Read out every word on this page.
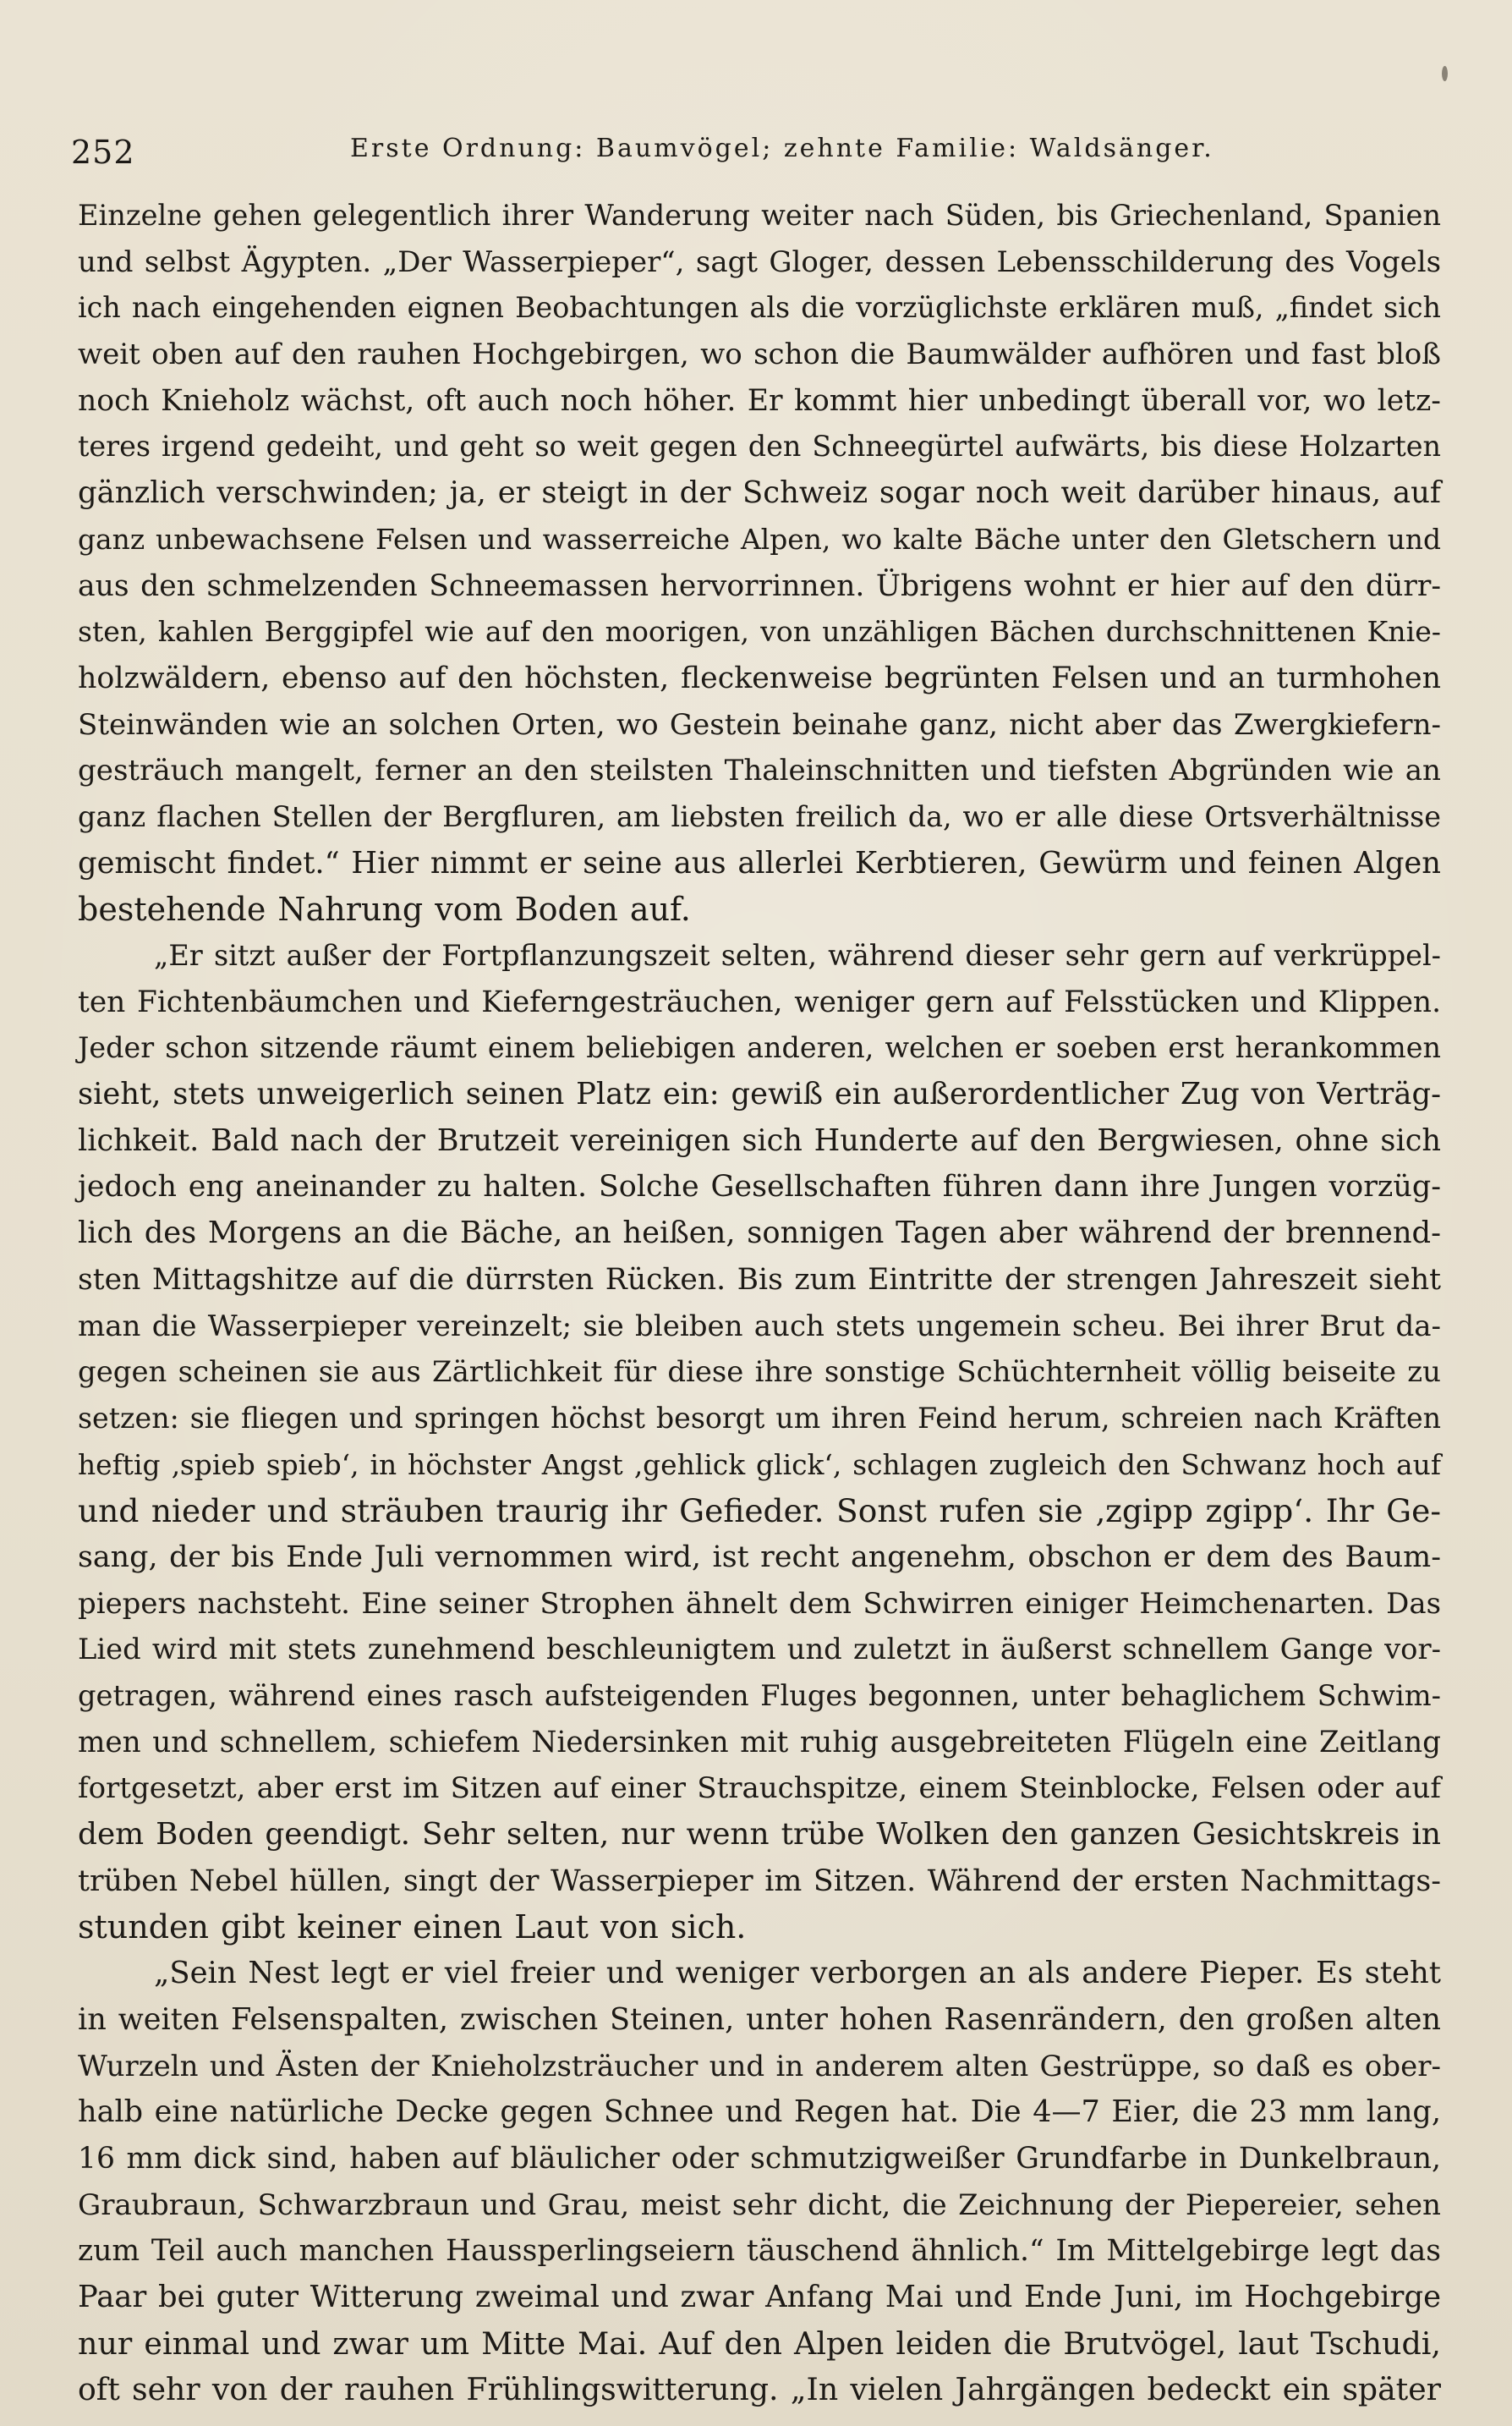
252	Erste Ordnung: Baumvögel; zehnte Familie: Waldsänger.
Einzelne gehen gelegentlich ihrer Wanderung weiter nach Süden, bis Griechenland, Spanien
und selbst Ägypten. „Der Wasserpieper“, sagt Gloger, dessen Lebensschilderung des Vogels
ich nach eingehenden eignen Beobachtungen als die vorzüglichste erklären muß, „findet sich
weit oben auf den rauhen Hochgebirgen, wo schon die Baumwälder aufhören und fast bloß
noch Knieholz wächst, oft auch noch höher. Er kommt hier unbedingt überall vor, wo letz-
teres irgend gedeiht, und geht so weit gegen den Schneegürtel aufwärts, bis diese Holzarten
gänzlich verschwinden; ja, er steigt in der Schweiz sogar noch weit darüber hinaus, auf
ganz unbewachsene Felsen und wasserreiche Alpen, wo kalte Bäche unter den Gletschern und
aus den schmelzenden Schneemassen hervorrinnen. Übrigens wohnt er hier auf den dürr-
sten, kahlen Berggipfel wie auf den moorigen, von unzähligen Bächen durchschnittenen Knie-
holzwäldern, ebenso auf den höchsten, fleckenweise begrünten Felsen und an turmhohen
Steinwänden wie an solchen Orten, wo Gestein beinahe ganz, nicht aber das Zwergkiefern-
gesträuch mangelt, ferner an den steilsten Thaleinschnitten und tiefsten Abgründen wie an
ganz flachen Stellen der Bergfluren, am liebsten freilich da, wo er alle diese Ortsverhältnisse
gemischt findet.“ Hier nimmt er seine aus allerlei Kerbtieren, Gewürm und feinen Algen
bestehende Nahrung vom Boden auf.
„Er sitzt außer der Fortpflanzungszeit selten, während dieser sehr gern auf verkrüppel-
ten Fichtenbäumchen und Kieferngesträuchen, weniger gern auf Felsstücken und Klippen.
Jeder schon sitzende räumt einem beliebigen anderen, welchen er soeben erst herankommen
sieht, stets unweigerlich seinen Platz ein: gewiß ein außerordentlicher Zug von Verträg-
lichkeit. Bald nach der Brutzeit vereinigen sich Hunderte auf den Bergwiesen, ohne sich
jedoch eng aneinander zu halten. Solche Gesellschaften führen dann ihre Jungen vorzüg-
lich des Morgens an die Bäche, an heißen, sonnigen Tagen aber während der brennend-
sten Mittagshitze auf die dürrsten Rücken. Bis zum Eintritte der strengen Jahreszeit sieht
man die Wasserpieper vereinzelt; sie bleiben auch stets ungemein scheu. Bei ihrer Brut da-
gegen scheinen sie aus Zärtlichkeit für diese ihre sonstige Schüchternheit völlig beiseite zu
setzen: sie fliegen und springen höchst besorgt um ihren Feind herum, schreien nach Kräften
heftig ‚spieb spieb‘, in höchster Angst ‚gehlick glick‘, schlagen zugleich den Schwanz hoch auf
und nieder und sträuben traurig ihr Gefieder. Sonst rufen sie ‚zgipp zgipp‘. Ihr Ge-
sang, der bis Ende Juli vernommen wird, ist recht angenehm, obschon er dem des Baum-
piepers nachsteht. Eine seiner Strophen ähnelt dem Schwirren einiger Heimchenarten. Das
Lied wird mit stets zunehmend beschleunigtem und zuletzt in äußerst schnellem Gange vor-
getragen, während eines rasch aufsteigenden Fluges begonnen, unter behaglichem Schwim-
men und schnellem, schiefem Niedersinken mit ruhig ausgebreiteten Flügeln eine Zeitlang
fortgesetzt, aber erst im Sitzen auf einer Strauchspitze, einem Steinblocke, Felsen oder auf
dem Boden geendigt. Sehr selten, nur wenn trübe Wolken den ganzen Gesichtskreis in
trüben Nebel hüllen, singt der Wasserpieper im Sitzen. Während der ersten Nachmittags-
stunden gibt keiner einen Laut von sich.
„Sein Nest legt er viel freier und weniger verborgen an als andere Pieper. Es steht
in weiten Felsenspalten, zwischen Steinen, unter hohen Rasenrändern, den großen alten
Wurzeln und Ästen der Knieholzsträucher und in anderem alten Gestrüppe, so daß es ober-
halb eine natürliche Decke gegen Schnee und Regen hat. Die 4—7 Eier, die 23 mm lang,
16 mm dick sind, haben auf bläulicher oder schmutzigweißer Grundfarbe in Dunkelbraun,
Graubraun, Schwarzbraun und Grau, meist sehr dicht, die Zeichnung der Piepereier, sehen
zum Teil auch manchen Haussperlingseiern täuschend ähnlich.“ Im Mittelgebirge legt das
Paar bei guter Witterung zweimal und zwar Anfang Mai und Ende Juni, im Hochgebirge
nur einmal und zwar um Mitte Mai. Auf den Alpen leiden die Brutvögel, laut Tschudi,
oft sehr von der rauhen Frühlingswitterung. „In vielen Jahrgängen bedeckt ein später
